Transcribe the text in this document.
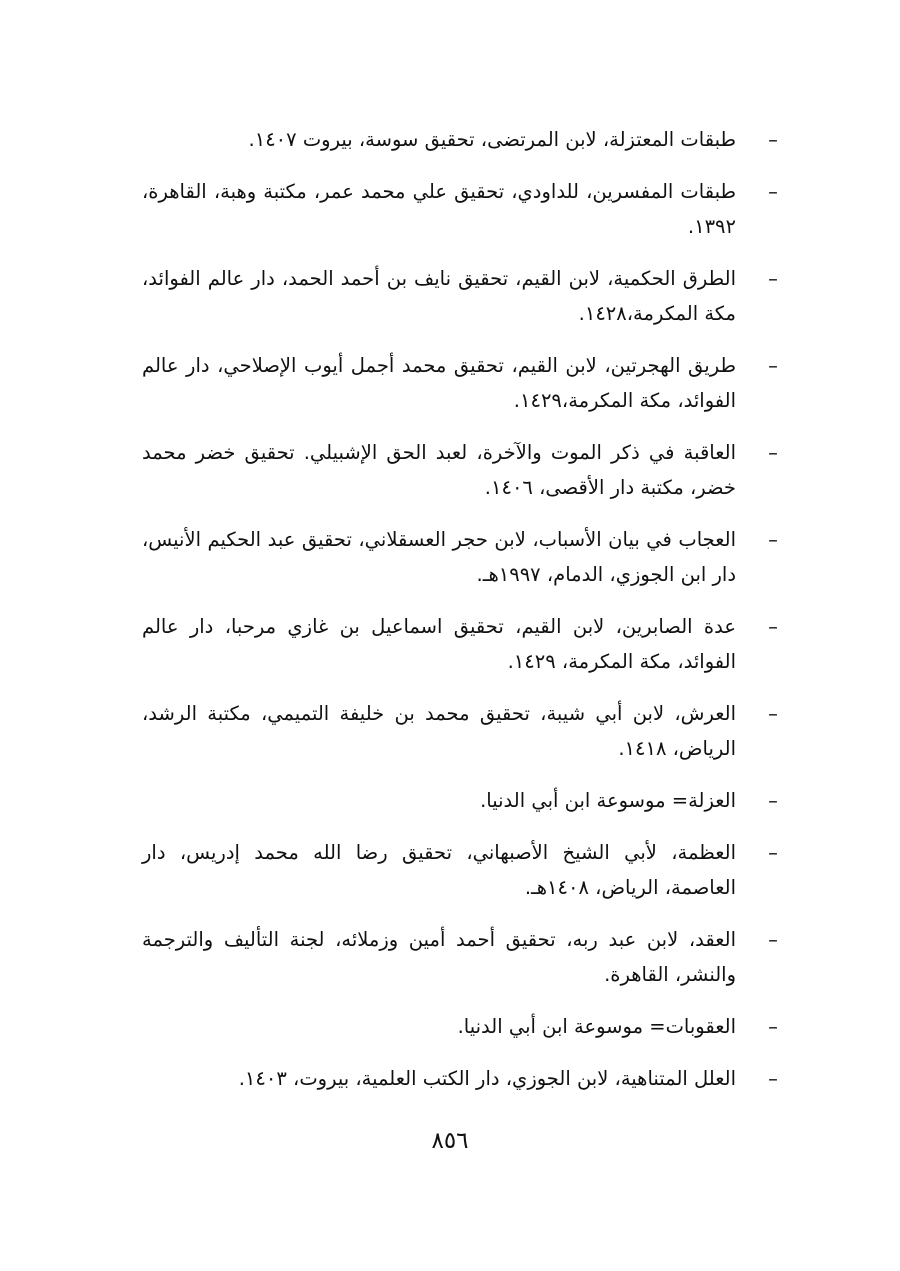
–
طبقات المعتزلة، لابن المرتضى، تحقيق سوسة، بيروت ١٤٠٧.
–
طبقات المفسرين، للداودي، تحقيق علي محمد عمر، مكتبة وهبة، القاهرة، ١٣٩٢.
–
الطرق الحكمية، لابن القيم، تحقيق نايف بن أحمد الحمد، دار عالم الفوائد، مكة المكرمة،١٤٢٨.
–
طريق الهجرتين، لابن القيم، تحقيق محمد أجمل أيوب الإصلاحي، دار عالم الفوائد، مكة المكرمة،١٤٢٩.
–
العاقبة في ذكر الموت والآخرة، لعبد الحق الإشبيلي. تحقيق خضر محمد خضر، مكتبة دار الأقصى، ١٤٠٦.
–
العجاب في بيان الأسباب، لابن حجر العسقلاني، تحقيق عبد الحكيم الأنيس، دار ابن الجوزي، الدمام، ١٩٩٧هـ.
–
عدة الصابرين، لابن القيم، تحقيق اسماعيل بن غازي مرحبا، دار عالم الفوائد، مكة المكرمة، ١٤٢٩.
–
العرش، لابن أبي شيبة، تحقيق محمد بن خليفة التميمي، مكتبة الرشد، الرياض، ١٤١٨.
–
العزلة= موسوعة ابن أبي الدنيا.
–
العظمة، لأبي الشيخ الأصبهاني، تحقيق رضا الله محمد إدريس، دار العاصمة، الرياض، ١٤٠٨هـ.
–
العقد، لابن عبد ربه، تحقيق أحمد أمين وزملائه، لجنة التأليف والترجمة والنشر، القاهرة.
–
العقوبات= موسوعة ابن أبي الدنيا.
–
العلل المتناهية، لابن الجوزي، دار الكتب العلمية، بيروت، ١٤٠٣.
٨٥٦
